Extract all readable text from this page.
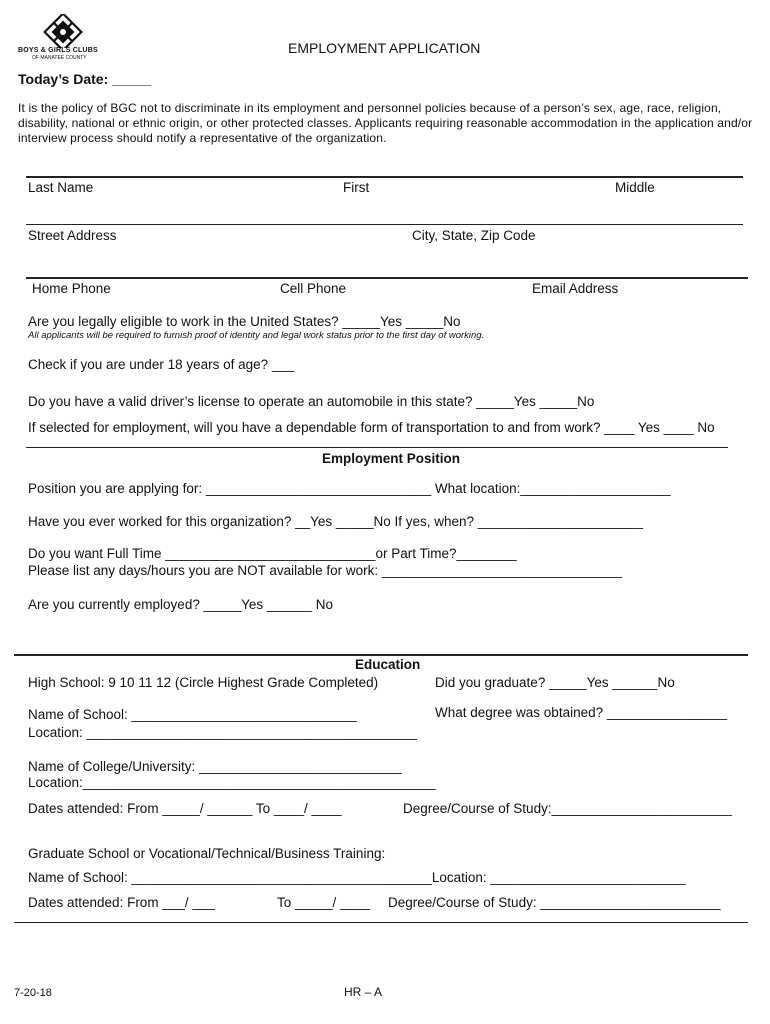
BOYS & GIRLS CLUBS
OF MANATEE COUNTY
EMPLOYMENT APPLICATION
Today’s Date: _____
It is the policy of BGC not to discriminate in its employment and personnel policies because of a person’s sex, age, race, religion, disability, national or ethnic origin, or other protected classes. Applicants requiring reasonable accommodation in the application and/or interview process should notify a representative of the organization.
Last Name	First	Middle
Street Address	City, State, Zip Code
Home Phone	Cell Phone	Email Address
Are you legally eligible to work in the United States? _____Yes _____No
All applicants will be required to furnish proof of identity and legal work status prior to the first day of working.
Check if you are under 18 years of age? ___
Do you have a valid driver’s license to operate an automobile in this state? _____Yes _____No
If selected for employment, will you have a dependable form of transportation to and from work? ____ Yes ____ No
Employment Position
Position you are applying for: ______________________________ What location:____________________
Have you ever worked for this organization? __Yes _____No If yes, when? ______________________
Do you want Full Time ____________________________or Part Time?________
Please list any days/hours you are NOT available for work: ________________________________
Are you currently employed? _____Yes ______ No
Education
High School: 9 10 11 12 (Circle Highest Grade Completed)	Did you graduate? _____Yes ______No
Name of School: ______________________________	What degree was obtained? ________________
Location: ____________________________________________
Name of College/University: ___________________________
Location:_______________________________________________
Dates attended: From _____/ ______ To ____/ ____	Degree/Course of Study:________________________
Graduate School or Vocational/Technical/Business Training:
Name of School: ________________________________________Location: __________________________
Dates attended: From ___/ ___	To _____/ ____ Degree/Course of Study: ________________________
7-20-18	HR – A
